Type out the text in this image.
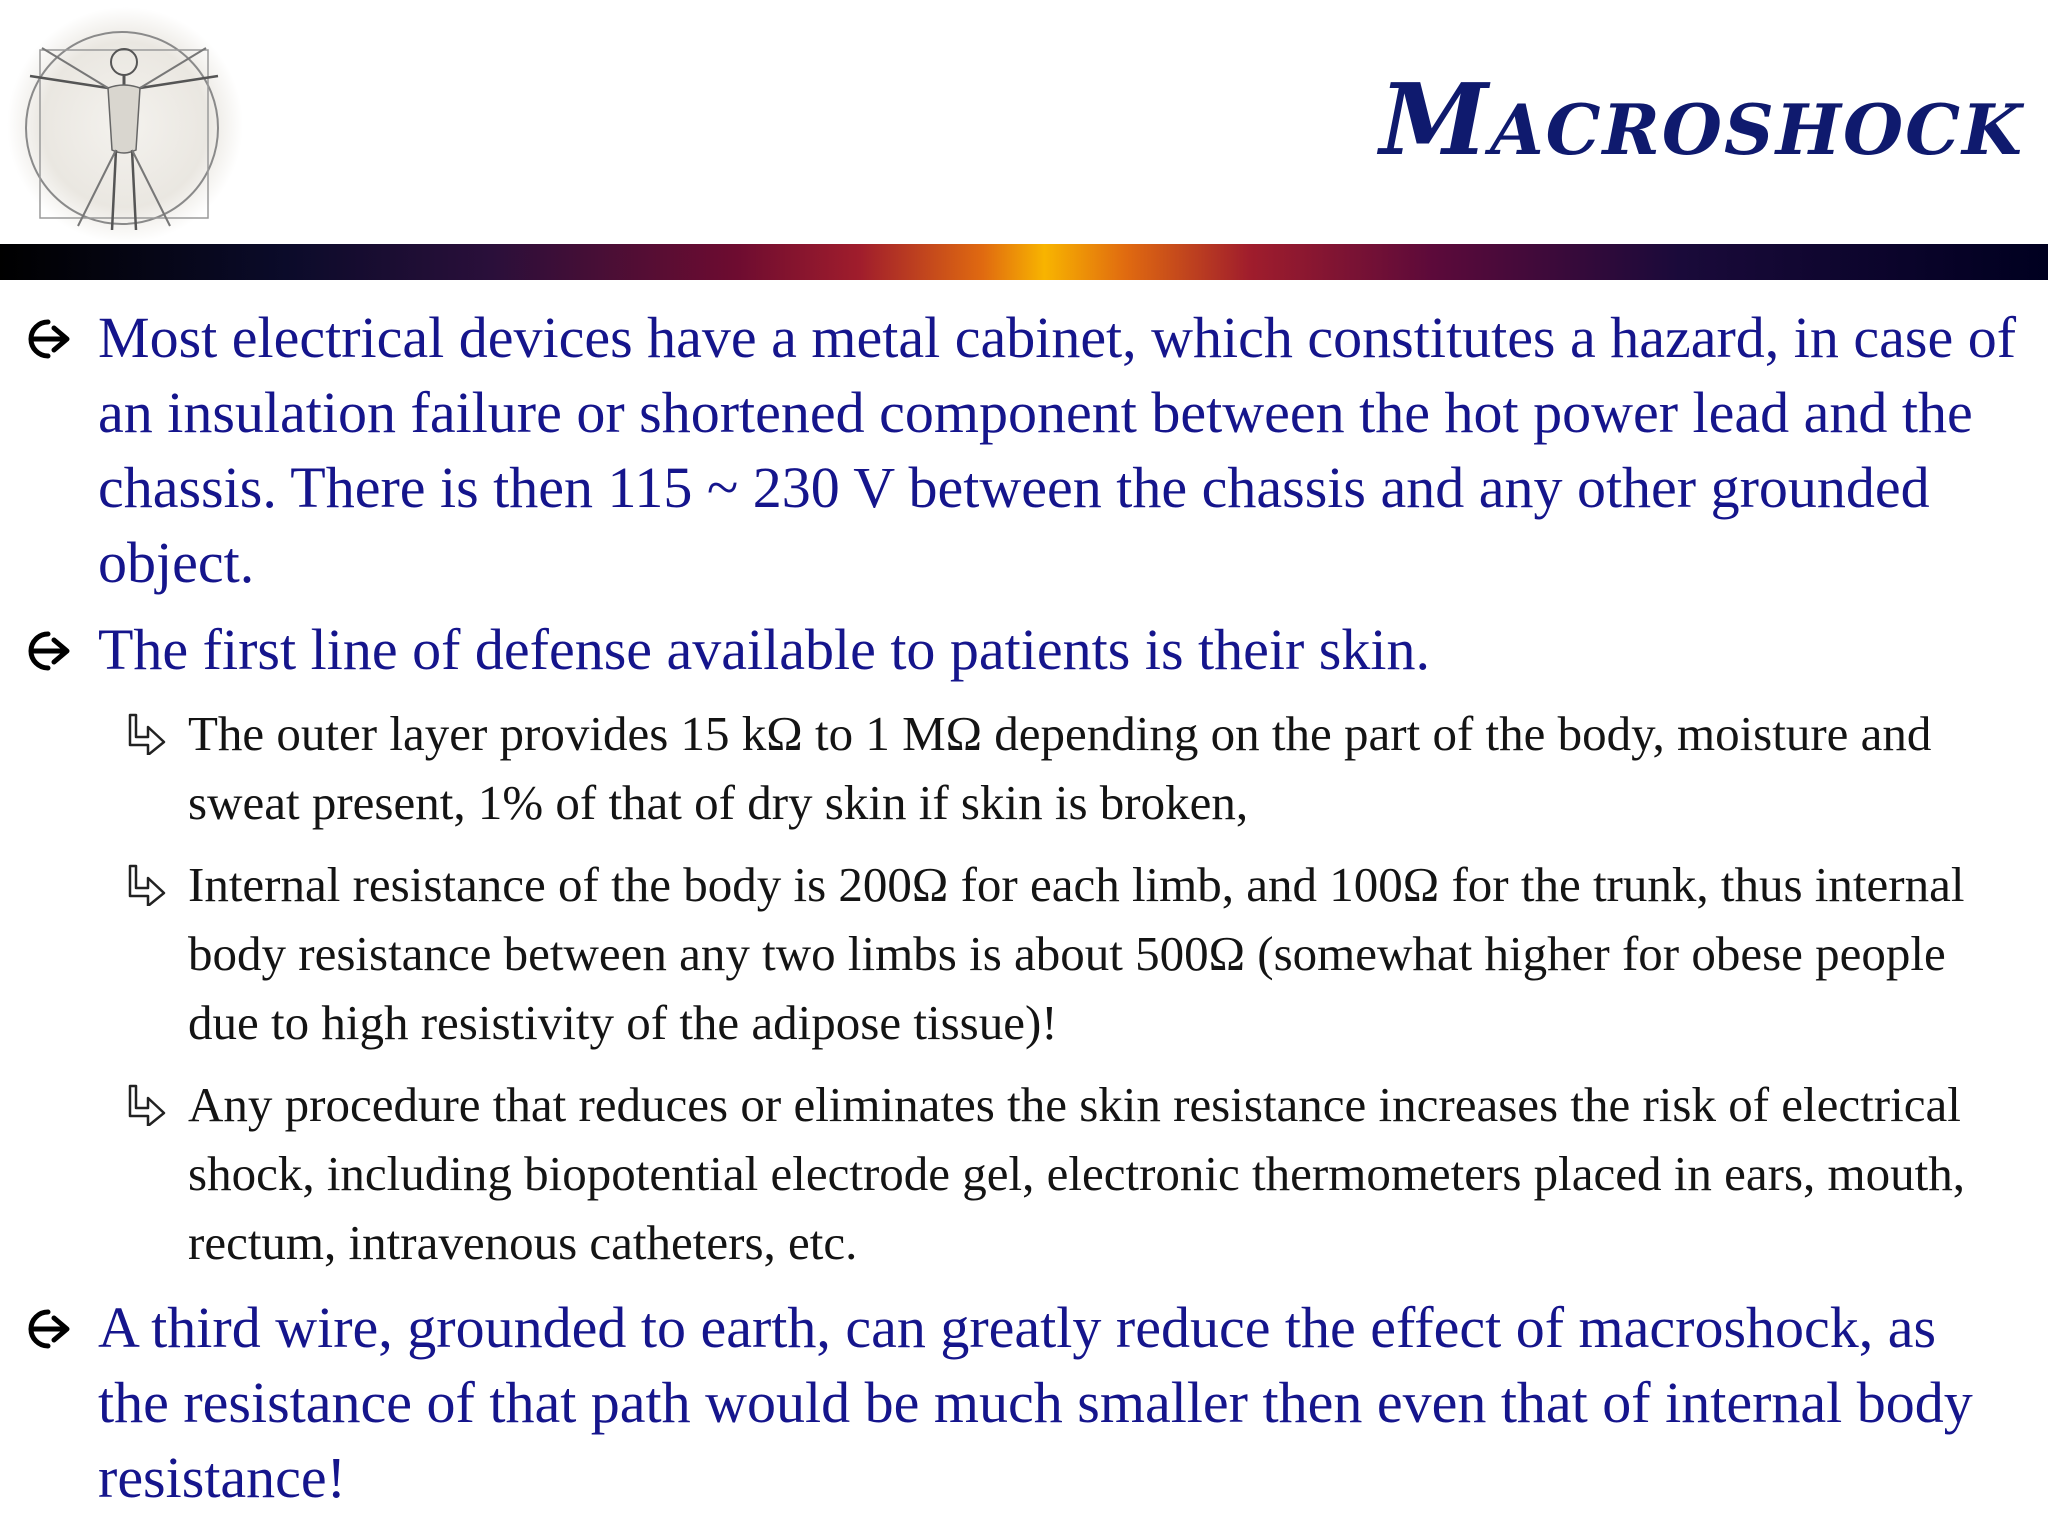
Macroshock
Most electrical devices have a metal cabinet, which constitutes a hazard, in case of an insulation failure or shortened component between the hot power lead and the chassis. There is then 115 ~ 230 V between the chassis and any other grounded object.
The first line of defense available to patients is their skin.
The outer layer provides 15 kΩ to 1 MΩ depending on the part of the body, moisture and sweat present, 1% of that of dry skin if skin is broken,
Internal resistance of the body is 200Ω for each limb, and 100Ω for the trunk, thus internal body resistance between any two limbs is about 500Ω (somewhat higher for obese people due to high resistivity of the adipose tissue)!
Any procedure that reduces or eliminates the skin resistance increases the risk of electrical shock, including biopotential electrode gel, electronic thermometers placed in ears, mouth, rectum, intravenous catheters, etc.
A third wire, grounded to earth, can greatly reduce the effect of macroshock, as the resistance of that path would be much smaller then even that of internal body resistance!
